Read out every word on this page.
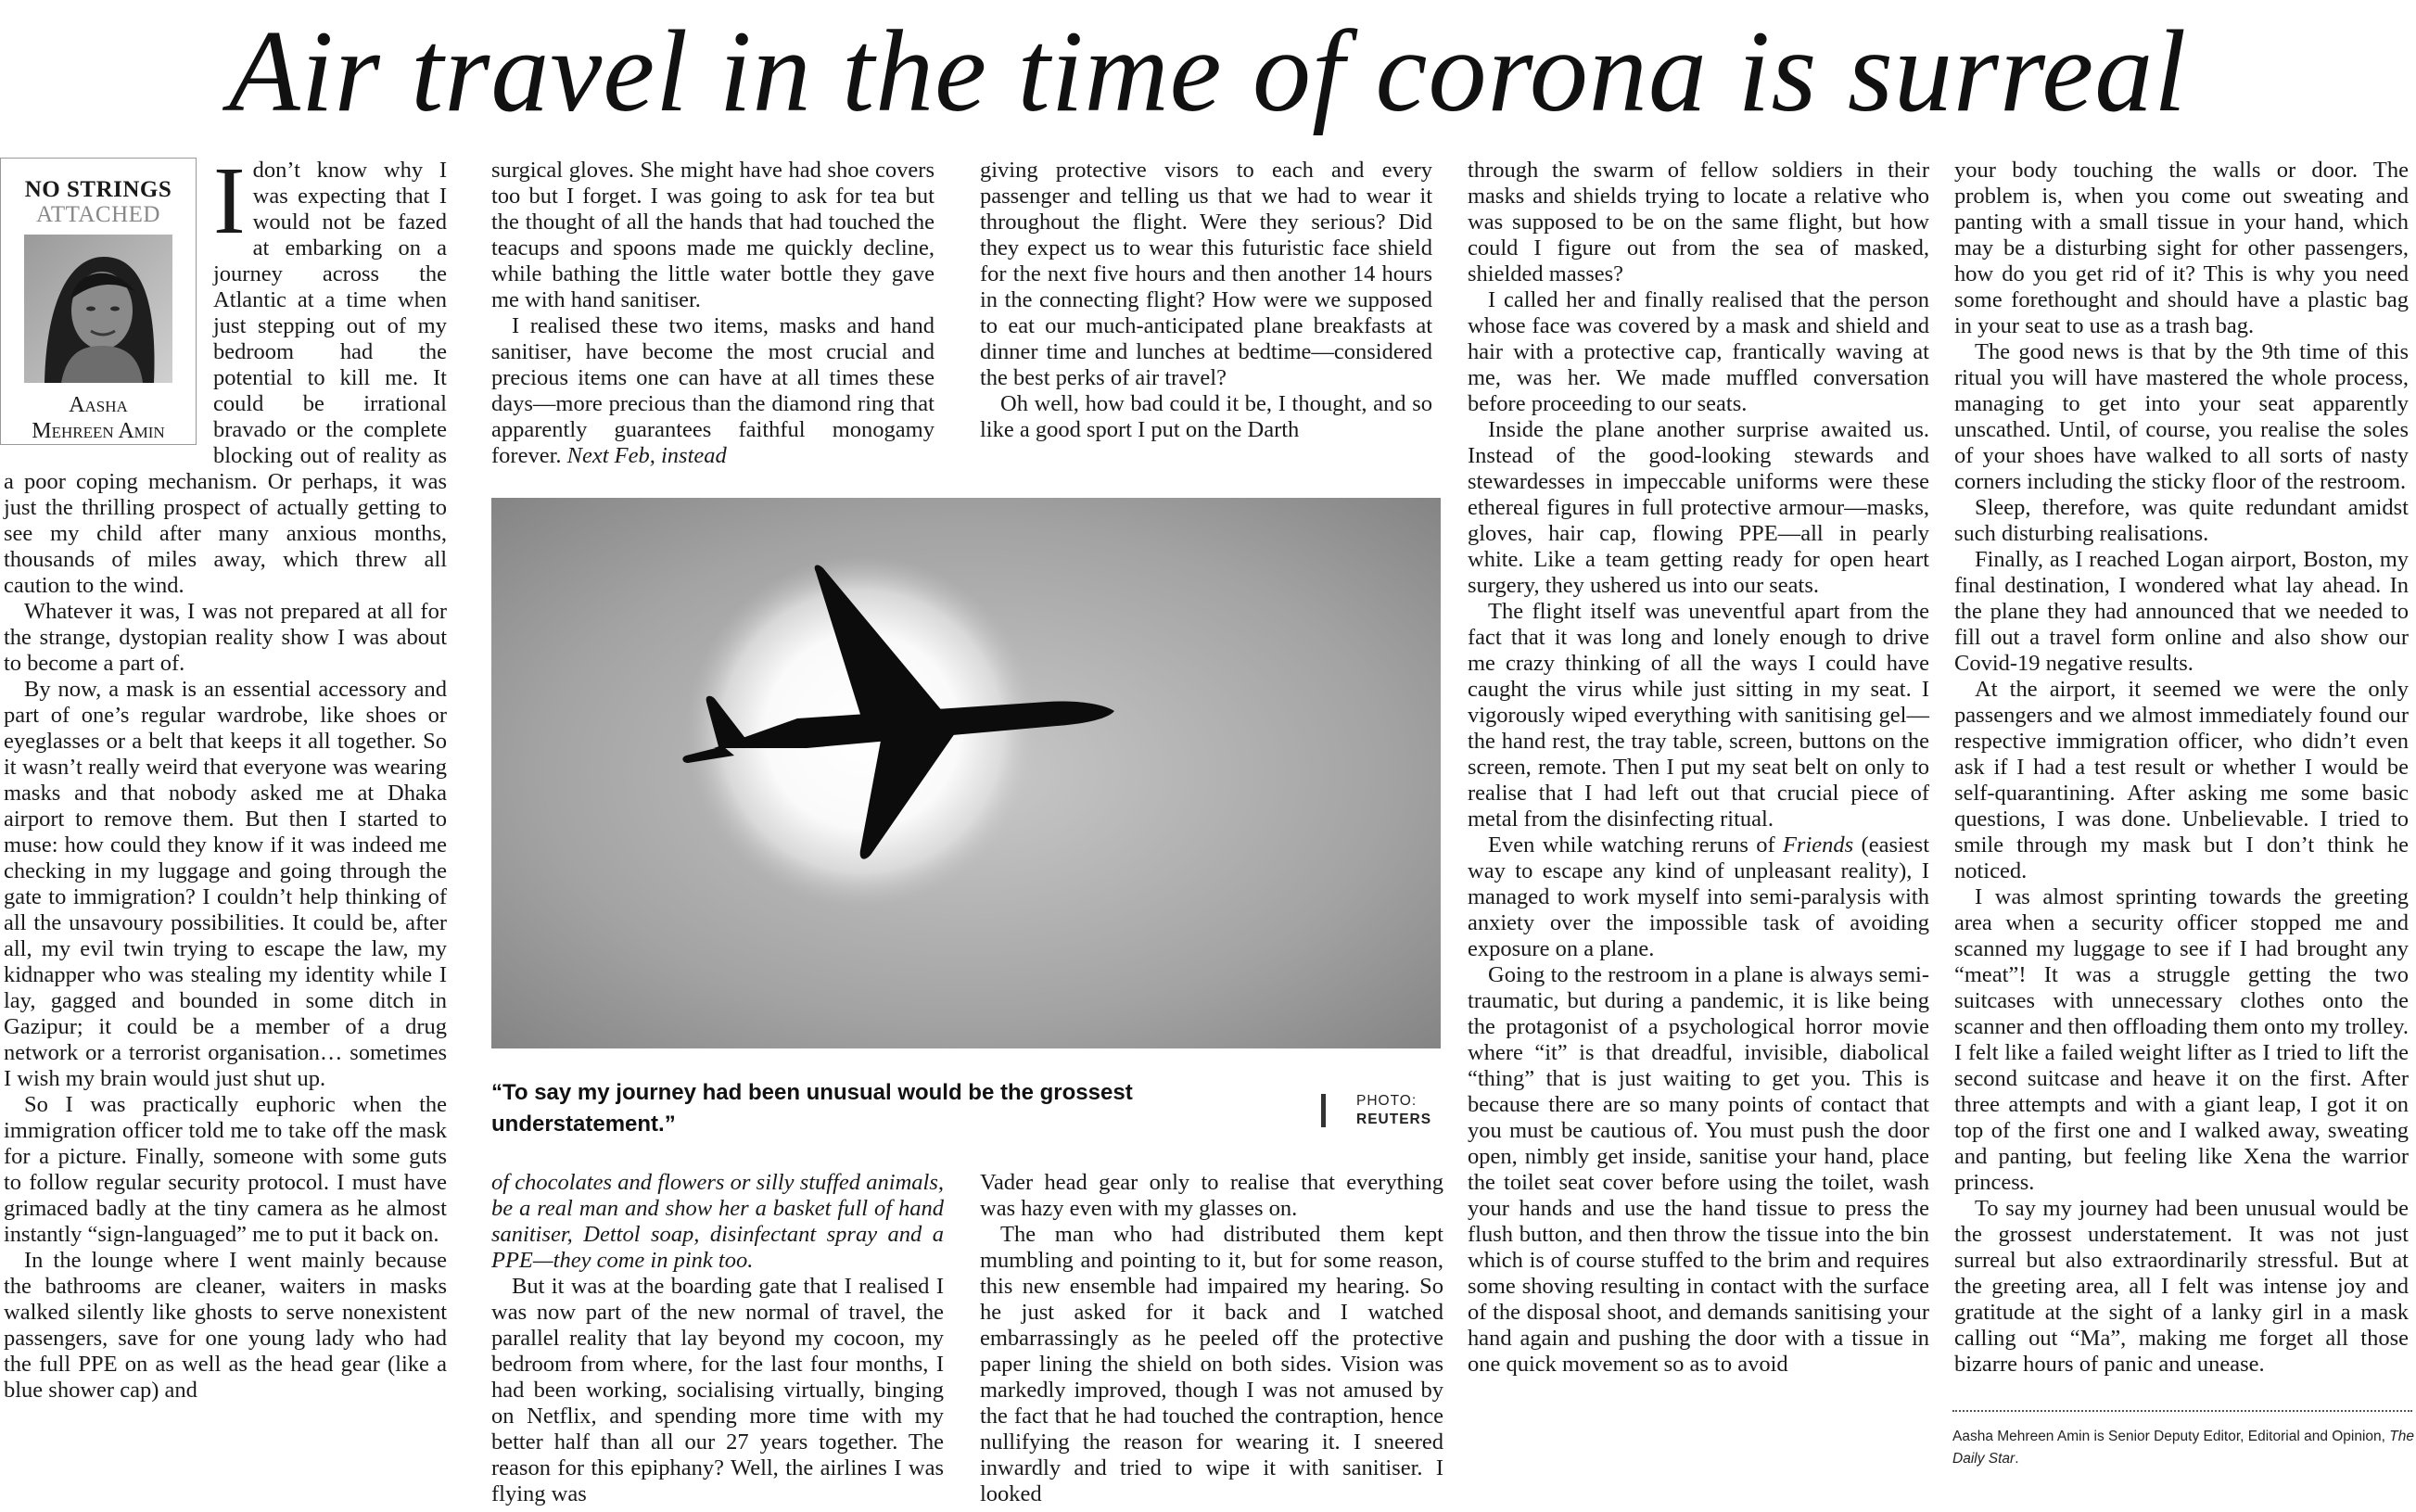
Air travel in the time of corona is surreal
NO STRINGS
ATTACHED
Aasha
Mehreen Amin

Idon’t know why I was expecting that I would not be fazed at embarking on a journey across the Atlantic at a time when just stepping out of my bedroom had the potential to kill me. It could be irrational bravado or the complete blocking out of reality as a poor coping mechanism. Or perhaps, it was just the thrilling prospect of actually getting to see my child after many anxious months, thousands of miles away, which threw all caution to the wind.

Whatever it was, I was not prepared at all for the strange, dystopian reality show I was about to become a part of.

By now, a mask is an essential accessory and part of one’s regular wardrobe, like shoes or eyeglasses or a belt that keeps it all together. So it wasn’t really weird that everyone was wearing masks and that nobody asked me at Dhaka airport to remove them. But then I started to muse: how could they know if it was indeed me checking in my luggage and going through the gate to immigration? I couldn’t help thinking of all the unsavoury possibilities. It could be, after all, my evil twin trying to escape the law, my kidnapper who was stealing my identity while I lay, gagged and bounded in some ditch in Gazipur; it could be a member of a drug network or a terrorist organisation… sometimes I wish my brain would just shut up.

So I was practically euphoric when the immigration officer told me to take off the mask for a picture. Finally, someone with some guts to follow regular security protocol. I must have grimaced badly at the tiny camera as he almost instantly “sign-languaged” me to put it back on.

In the lounge where I went mainly because the bathrooms are cleaner, waiters in masks walked silently like ghosts to serve nonexistent passengers, save for one young lady who had the full PPE on as well as the head gear (like a blue shower cap) and

surgical gloves. She might have had shoe covers too but I forget. I was going to ask for tea but the thought of all the hands that had touched the teacups and spoons made me quickly decline, while bathing the little water bottle they gave me with hand sanitiser.

I realised these two items, masks and hand sanitiser, have become the most crucial and precious items one can have at all times these days—more precious than the diamond ring that apparently guarantees faithful monogamy forever. Next Feb, instead

giving protective visors to each and every passenger and telling us that we had to wear it throughout the flight. Were they serious? Did they expect us to wear this futuristic face shield for the next five hours and then another 14 hours in the connecting flight? How were we supposed to eat our much-anticipated plane breakfasts at dinner time and lunches at bedtime—considered the best perks of air travel?

Oh well, how bad could it be, I thought, and so like a good sport I put on the Darth

“To say my journey had been unusual would be the grossest understatement.”
PHOTO:
REUTERS

of chocolates and flowers or silly stuffed animals, be a real man and show her a basket full of hand sanitiser, Dettol soap, disinfectant spray and a PPE—they come in pink too.

But it was at the boarding gate that I realised I was now part of the new normal of travel, the parallel reality that lay beyond my cocoon, my bedroom from where, for the last four months, I had been working, socialising virtually, binging on Netflix, and spending more time with my better half than all our 27 years together. The reason for this epiphany? Well, the airlines I was flying was

Vader head gear only to realise that everything was hazy even with my glasses on.

The man who had distributed them kept mumbling and pointing to it, but for some reason, this new ensemble had impaired my hearing. So he just asked for it back and I watched embarrassingly as he peeled off the protective paper lining the shield on both sides. Vision was markedly improved, though I was not amused by the fact that he had touched the contraption, hence nullifying the reason for wearing it. I sneered inwardly and tried to wipe it with sanitiser. I looked

through the swarm of fellow soldiers in their masks and shields trying to locate a relative who was supposed to be on the same flight, but how could I figure out from the sea of masked, shielded masses?

I called her and finally realised that the person whose face was covered by a mask and shield and hair with a protective cap, frantically waving at me, was her. We made muffled conversation before proceeding to our seats.

Inside the plane another surprise awaited us. Instead of the good-looking stewards and stewardesses in impeccable uniforms were these ethereal figures in full protective armour—masks, gloves, hair cap, flowing PPE—all in pearly white. Like a team getting ready for open heart surgery, they ushered us into our seats.

The flight itself was uneventful apart from the fact that it was long and lonely enough to drive me crazy thinking of all the ways I could have caught the virus while just sitting in my seat. I vigorously wiped everything with sanitising gel—the hand rest, the tray table, screen, buttons on the screen, remote. Then I put my seat belt on only to realise that I had left out that crucial piece of metal from the disinfecting ritual.

Even while watching reruns of Friends (easiest way to escape any kind of unpleasant reality), I managed to work myself into semi-paralysis with anxiety over the impossible task of avoiding exposure on a plane.

Going to the restroom in a plane is always semi-traumatic, but during a pandemic, it is like being the protagonist of a psychological horror movie where “it” is that dreadful, invisible, diabolical “thing” that is just waiting to get you. This is because there are so many points of contact that you must be cautious of. You must push the door open, nimbly get inside, sanitise your hand, place the toilet seat cover before using the toilet, wash your hands and use the hand tissue to press the flush button, and then throw the tissue into the bin which is of course stuffed to the brim and requires some shoving resulting in contact with the surface of the disposal shoot, and demands sanitising your hand again and pushing the door with a tissue in one quick movement so as to avoid

your body touching the walls or door. The problem is, when you come out sweating and panting with a small tissue in your hand, which may be a disturbing sight for other passengers, how do you get rid of it? This is why you need some forethought and should have a plastic bag in your seat to use as a trash bag.

The good news is that by the 9th time of this ritual you will have mastered the whole process, managing to get into your seat apparently unscathed. Until, of course, you realise the soles of your shoes have walked to all sorts of nasty corners including the sticky floor of the restroom.

Sleep, therefore, was quite redundant amidst such disturbing realisations.

Finally, as I reached Logan airport, Boston, my final destination, I wondered what lay ahead. In the plane they had announced that we needed to fill out a travel form online and also show our Covid-19 negative results.

At the airport, it seemed we were the only passengers and we almost immediately found our respective immigration officer, who didn’t even ask if I had a test result or whether I would be self-quarantining. After asking me some basic questions, I was done. Unbelievable. I tried to smile through my mask but I don’t think he noticed.

I was almost sprinting towards the greeting area when a security officer stopped me and scanned my luggage to see if I had brought any “meat”! It was a struggle getting the two suitcases with unnecessary clothes onto the scanner and then offloading them onto my trolley. I felt like a failed weight lifter as I tried to lift the second suitcase and heave it on the first. After three attempts and with a giant leap, I got it on top of the first one and I walked away, sweating and panting, but feeling like Xena the warrior princess.

To say my journey had been unusual would be the grossest understatement. It was not just surreal but also extraordinarily stressful. But at the greeting area, all I felt was intense joy and gratitude at the sight of a lanky girl in a mask calling out “Ma”, making me forget all those bizarre hours of panic and unease.

Aasha Mehreen Amin is Senior Deputy Editor, Editorial and Opinion, The Daily Star.
